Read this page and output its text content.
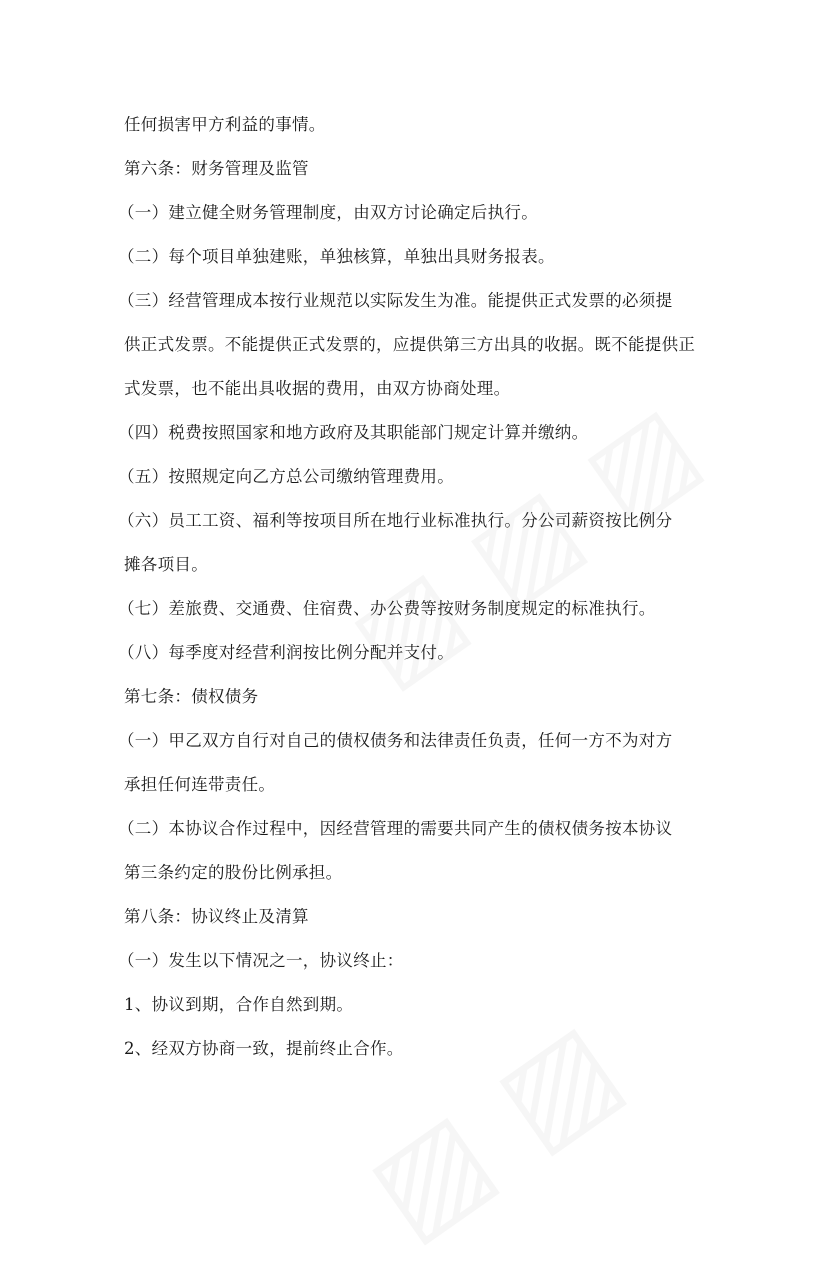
任何损害甲方利益的事情。
第六条：财务管理及监管
（一）建立健全财务管理制度，由双方讨论确定后执行。
（二）每个项目单独建账，单独核算，单独出具财务报表。
（三）经营管理成本按行业规范以实际发生为准。能提供正式发票的必须提
供正式发票。不能提供正式发票的，应提供第三方出具的收据。既不能提供正
式发票，也不能出具收据的费用，由双方协商处理。
（四）税费按照国家和地方政府及其职能部门规定计算并缴纳。
（五）按照规定向乙方总公司缴纳管理费用。
（六）员工工资、福利等按项目所在地行业标准执行。分公司薪资按比例分
摊各项目。
（七）差旅费、交通费、住宿费、办公费等按财务制度规定的标准执行。
（八）每季度对经营利润按比例分配并支付。
第七条：债权债务
（一）甲乙双方自行对自己的债权债务和法律责任负责，任何一方不为对方
承担任何连带责任。
（二）本协议合作过程中，因经营管理的需要共同产生的债权债务按本协议
第三条约定的股份比例承担。
第八条：协议终止及清算
（一）发生以下情况之一，协议终止：
1、协议到期，合作自然到期。
2、经双方协商一致，提前终止合作。
